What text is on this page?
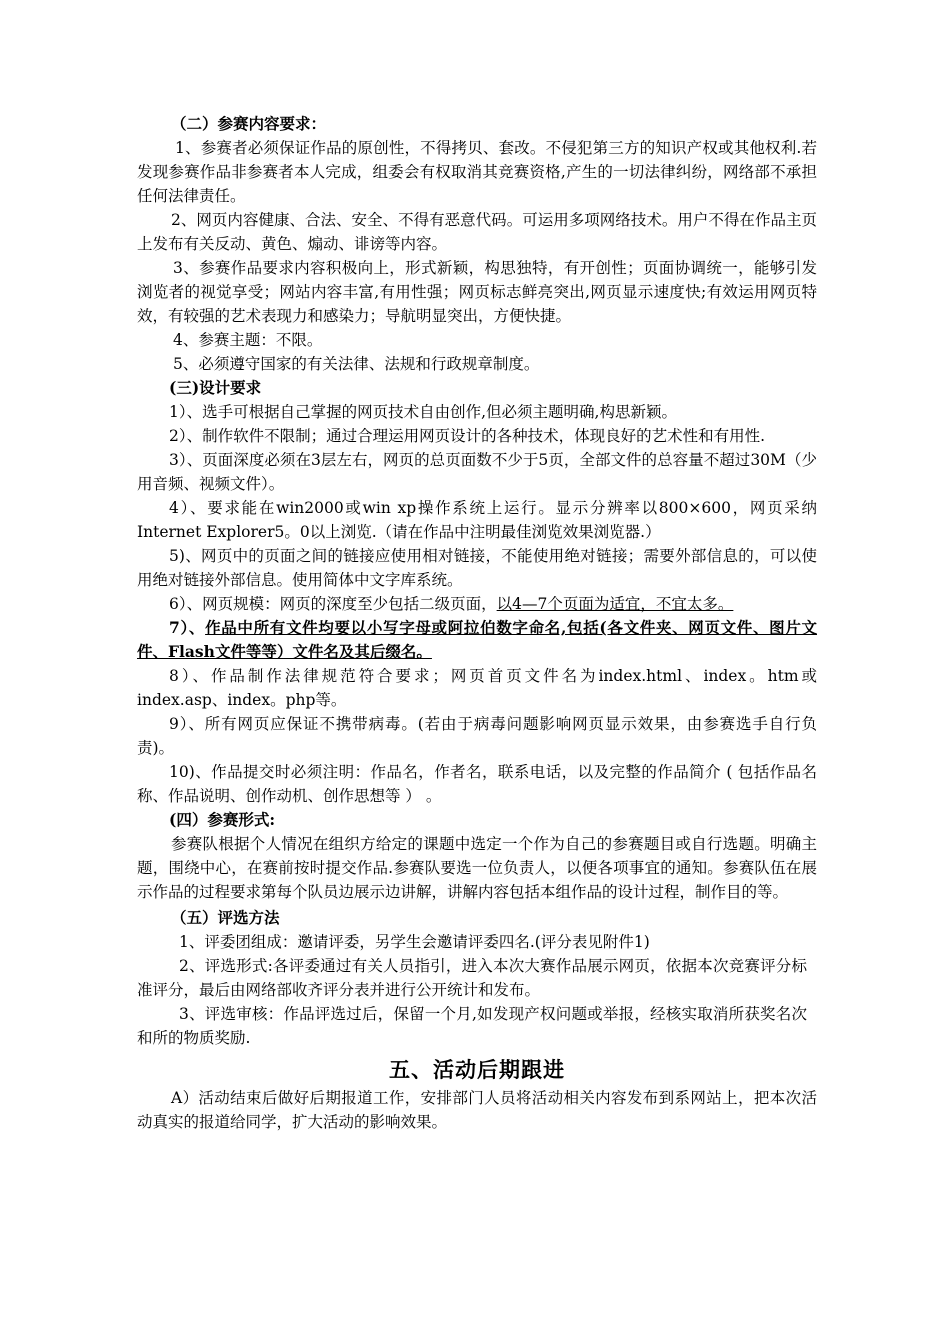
（二）参赛内容要求：

1、参赛者必须保证作品的原创性，不得拷贝、套改。不侵犯第三方的知识产权或其他权利.若发现参赛作品非参赛者本人完成，组委会有权取消其竞赛资格,产生的一切法律纠纷，网络部不承担任何法律责任。

2、网页内容健康、合法、安全、不得有恶意代码。可运用多项网络技术。用户不得在作品主页上发布有关反动、黄色、煽动、诽谤等内容。

3、参赛作品要求内容积极向上，形式新颖，构思独特，有开创性；页面协调统一，能够引发浏览者的视觉享受；网站内容丰富,有用性强；网页标志鲜亮突出,网页显示速度快;有效运用网页特效，有较强的艺术表现力和感染力；导航明显突出，方便快捷。

4、参赛主题：不限。

5、必须遵守国家的有关法律、法规和行政规章制度。

(三)设计要求

1）、选手可根据自己掌握的网页技术自由创作,但必须主题明确,构思新颖。

2）、制作软件不限制；通过合理运用网页设计的各种技术，体现良好的艺术性和有用性.

3）、页面深度必须在3层左右，网页的总页面数不少于5页，全部文件的总容量不超过30M（少用音频、视频文件）。

4）、要求能在win2000或win xp操作系统上运行。显示分辨率以800×600，网页采纳Internet Explorer5。0以上浏览.（请在作品中注明最佳浏览效果浏览器.）

5)、网页中的页面之间的链接应使用相对链接，不能使用绝对链接；需要外部信息的，可以使用绝对链接外部信息。使用简体中文字库系统。

6）、网页规模：网页的深度至少包括二级页面，以4—7个页面为适宜，不宜太多。

7）、作品中所有文件均要以小写字母或阿拉伯数字命名,包括(各文件夹、网页文件、图片文件、Flash文件等等）文件名及其后缀名。

8）、作品制作法律规范符合要求；网页首页文件名为index.html、index。htm或index.asp、index。php等。

9）、所有网页应保证不携带病毒。(若由于病毒问题影响网页显示效果，由参赛选手自行负责)。

10)、作品提交时必须注明：作品名，作者名，联系电话，以及完整的作品简介 ( 包括作品名称、作品说明、创作动机、创作思想等 ） 。

(四）参赛形式:

参赛队根据个人情况在组织方给定的课题中选定一个作为自己的参赛题目或自行选题。明确主题，围绕中心，在赛前按时提交作品.参赛队要选一位负责人，以便各项事宜的通知。参赛队伍在展示作品的过程要求第每个队员边展示边讲解，讲解内容包括本组作品的设计过程，制作目的等。

（五）评选方法

1、评委团组成：邀请评委，另学生会邀请评委四名.(评分表见附件1)

2、评选形式:各评委通过有关人员指引，进入本次大赛作品展示网页，依据本次竞赛评分标准评分，最后由网络部收齐评分表并进行公开统计和发布。

3、评选审核：作品评选过后，保留一个月,如发现产权问题或举报，经核实取消所获奖名次和所的物质奖励.

五、活动后期跟进

A）活动结束后做好后期报道工作，安排部门人员将活动相关内容发布到系网站上，把本次活动真实的报道给同学，扩大活动的影响效果。
